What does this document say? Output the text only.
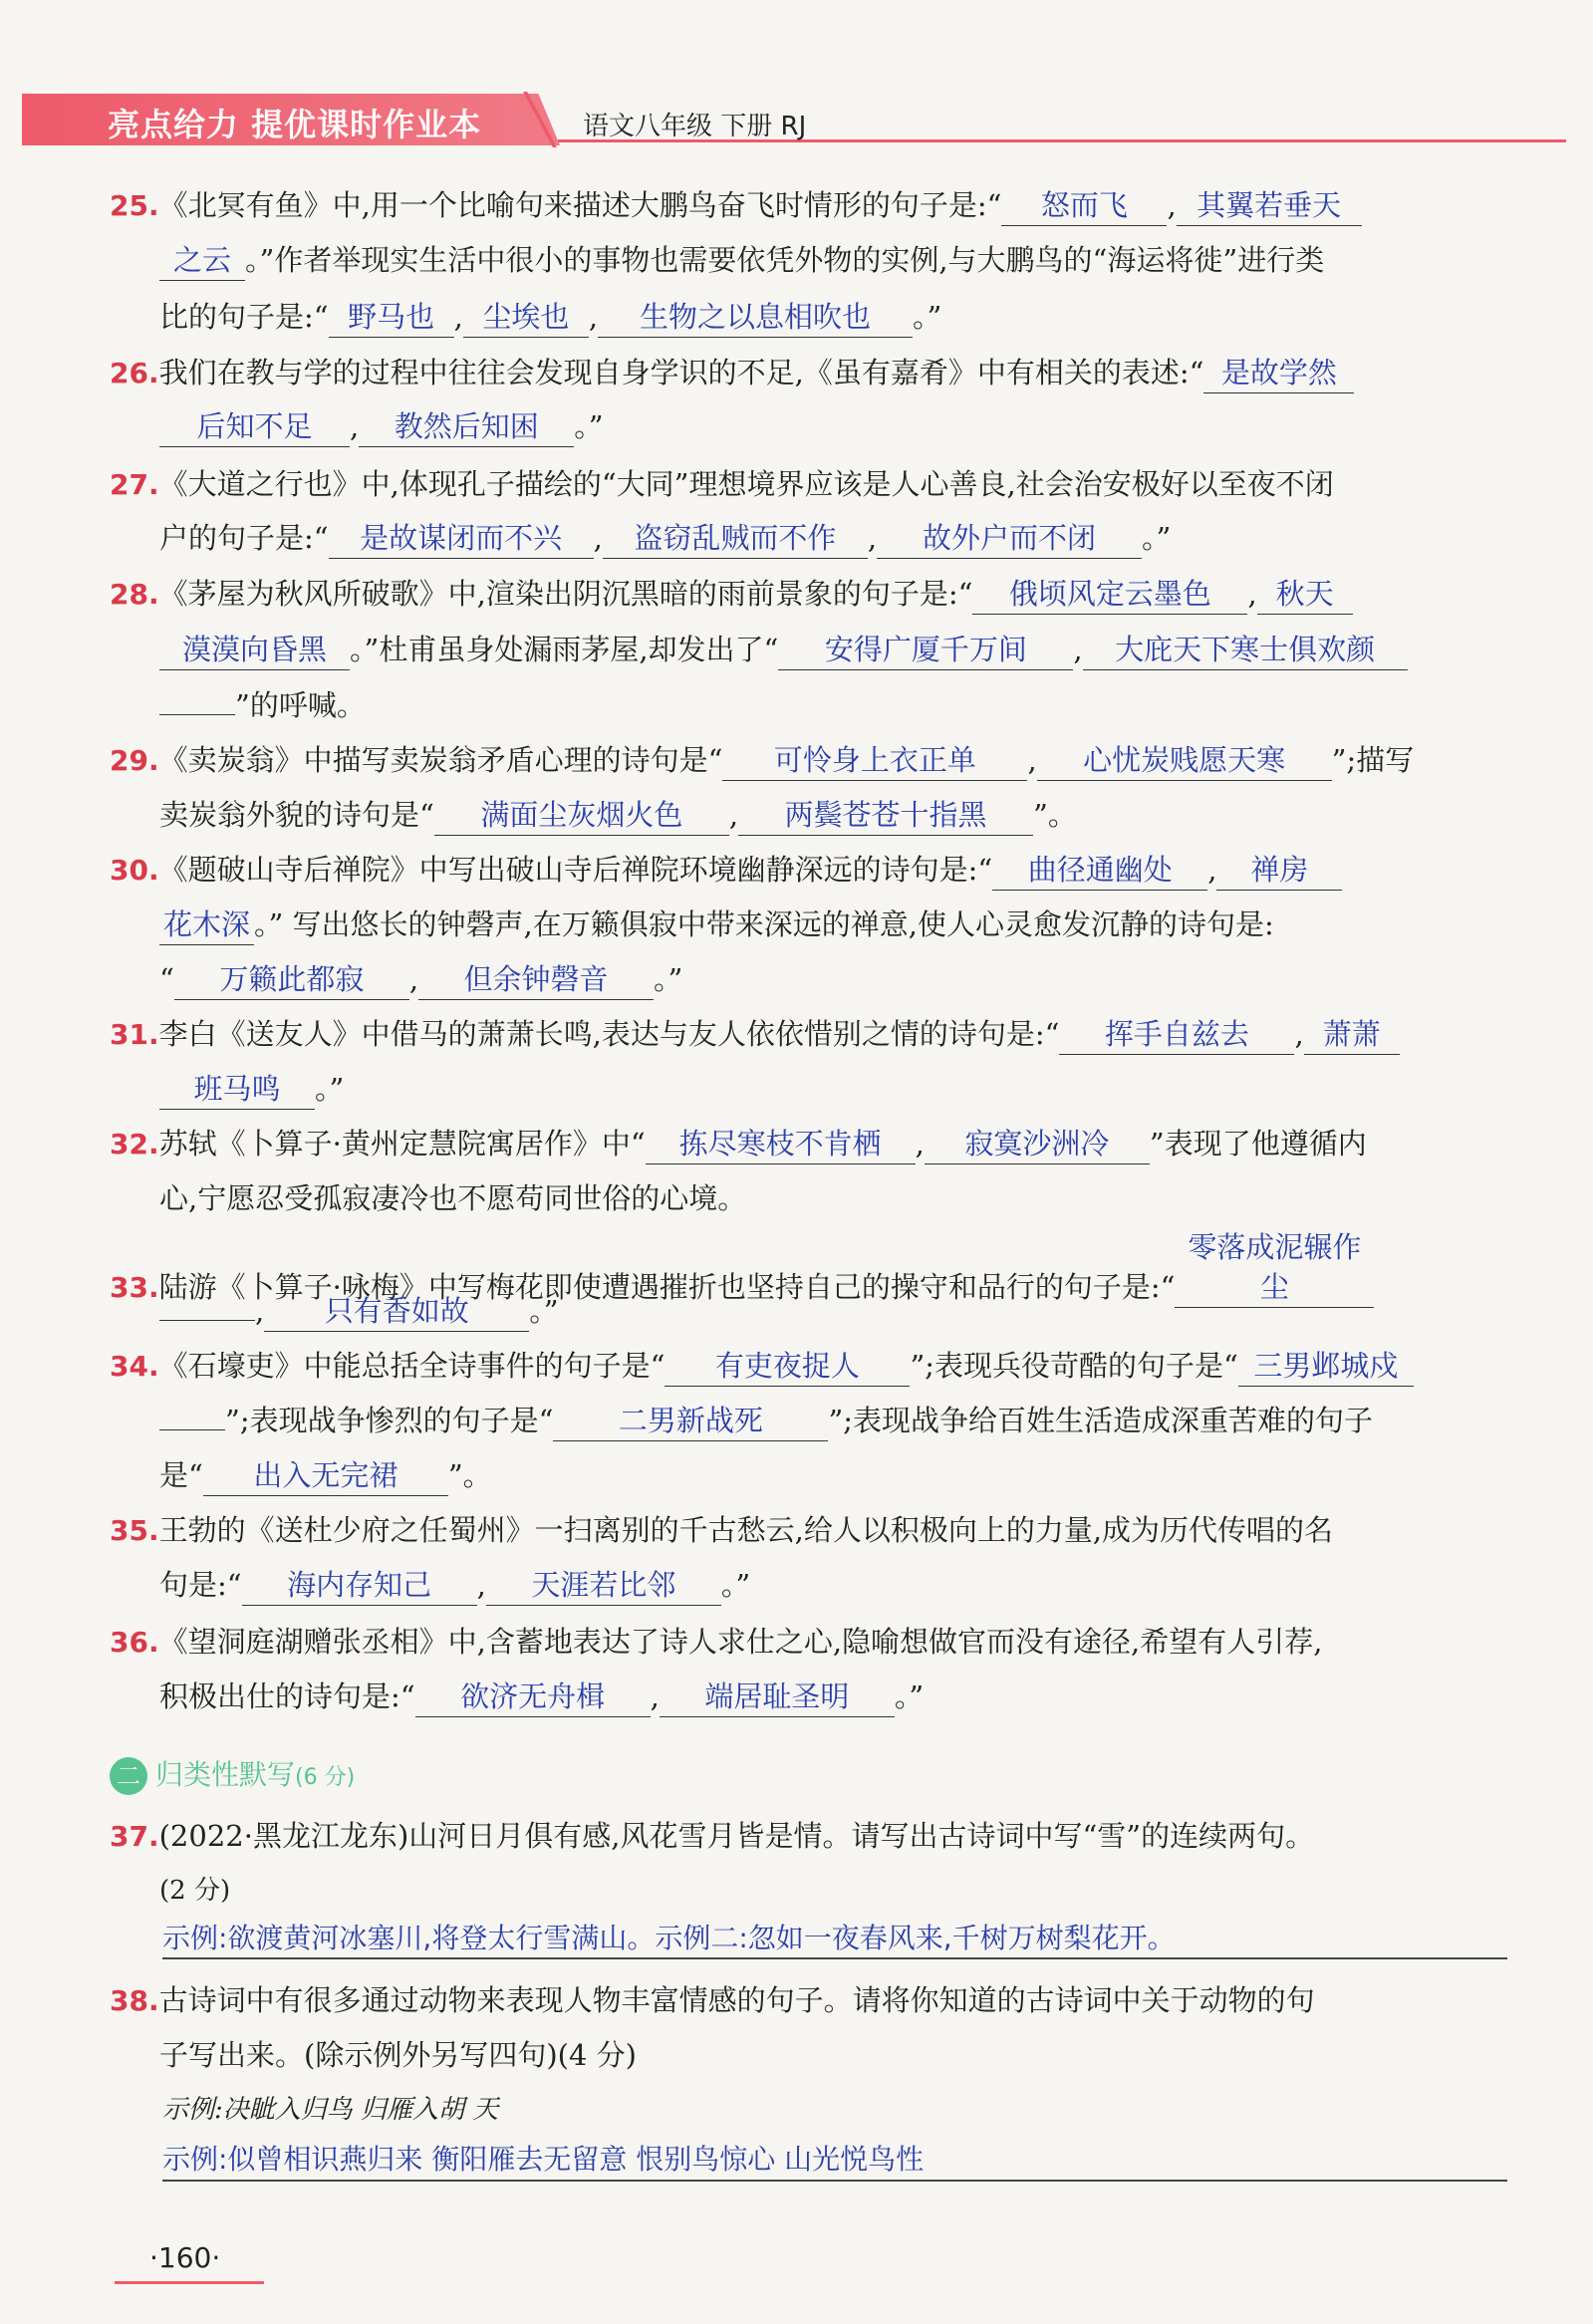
亮点给力 提优课时作业本	语文八年级 下册 RJ
25.《北冥有鱼》中,用一个比喻句来描述大鹏鸟奋飞时情形的句子是:“ 怒而飞 , 其翼若垂天
之云 。”作者举现实生活中很小的事物也需要依凭外物的实例,与大鹏鸟的“海运将徙”进行类
比的句子是:“ 野马也 , 尘埃也 , 生物之以息相吹也 。”
26.我们在教与学的过程中往往会发现自身学识的不足,《虽有嘉肴》中有相关的表述:“ 是故学然
后知不足 , 教然后知困 。”
27.《大道之行也》中,体现孔子描绘的“大同”理想境界应该是人心善良,社会治安极好以至夜不闭
户的句子是:“ 是故谋闭而不兴 , 盗窃乱贼而不作 , 故外户而不闭 。”
28.《茅屋为秋风所破歌》中,渲染出阴沉黑暗的雨前景象的句子是:“ 俄顷风定云墨色 , 秋天
漠漠向昏黑 。”杜甫虽身处漏雨茅屋,却发出了“ 安得广厦千万间 , 大庇天下寒士俱欢颜
”的呼喊。
29.《卖炭翁》中描写卖炭翁矛盾心理的诗句是“ 可怜身上衣正单 , 心忧炭贱愿天寒 ”;描写
卖炭翁外貌的诗句是“ 满面尘灰烟火色 , 两鬓苍苍十指黑 ”。
30.《题破山寺后禅院》中写出破山寺后禅院环境幽静深远的诗句是:“ 曲径通幽处 , 禅房
花木深 。” 写出悠长的钟磬声,在万籁俱寂中带来深远的禅意,使人心灵愈发沉静的诗句是:
“ 万籁此都寂 , 但余钟磬音 。”
31.李白《送友人》中借马的萧萧长鸣,表达与友人依依惜别之情的诗句是:“ 挥手自兹去 , 萧萧
班马鸣 。”
32.苏轼《卜算子·黄州定慧院寓居作》中“ 拣尽寒枝不肯栖 , 寂寞沙洲冷 ”表现了他遵循内
心,宁愿忍受孤寂凄冷也不愿苟同世俗的心境。
33.陆游《卜算子·咏梅》中写梅花即使遭遇摧折也坚持自己的操守和品行的句子是:“零落成泥辗作尘
, 只有香如故 。”
34.《石壕吏》中能总括全诗事件的句子是“ 有吏夜捉人 ”;表现兵役苛酷的句子是“ 三男邺城戍
”;表现战争惨烈的句子是“ 二男新战死 ”;表现战争给百姓生活造成深重苦难的句子
是“ 出入无完裙 ”。
35.王勃的《送杜少府之任蜀州》一扫离别的千古愁云,给人以积极向上的力量,成为历代传唱的名
句是:“ 海内存知己 , 天涯若比邻 。”
36.《望洞庭湖赠张丞相》中,含蓄地表达了诗人求仕之心,隐喻想做官而没有途径,希望有人引荐,
积极出仕的诗句是:“ 欲济无舟楫 , 端居耻圣明 。”
二 归类性默写(6 分)
37.(2022·黑龙江龙东)山河日月俱有感,风花雪月皆是情。请写出古诗词中写“雪”的连续两句。
(2 分)
示例:欲渡黄河冰塞川,将登太行雪满山。示例二:忽如一夜春风来,千树万树梨花开。
38.古诗词中有很多通过动物来表现人物丰富情感的句子。请将你知道的古诗词中关于动物的句
子写出来。(除示例外另写四句)(4 分)
示例:决眦入归鸟 归雁入胡 天
示例:似曾相识燕归来 衡阳雁去无留意 恨别鸟惊心 山光悦鸟性
·160·
